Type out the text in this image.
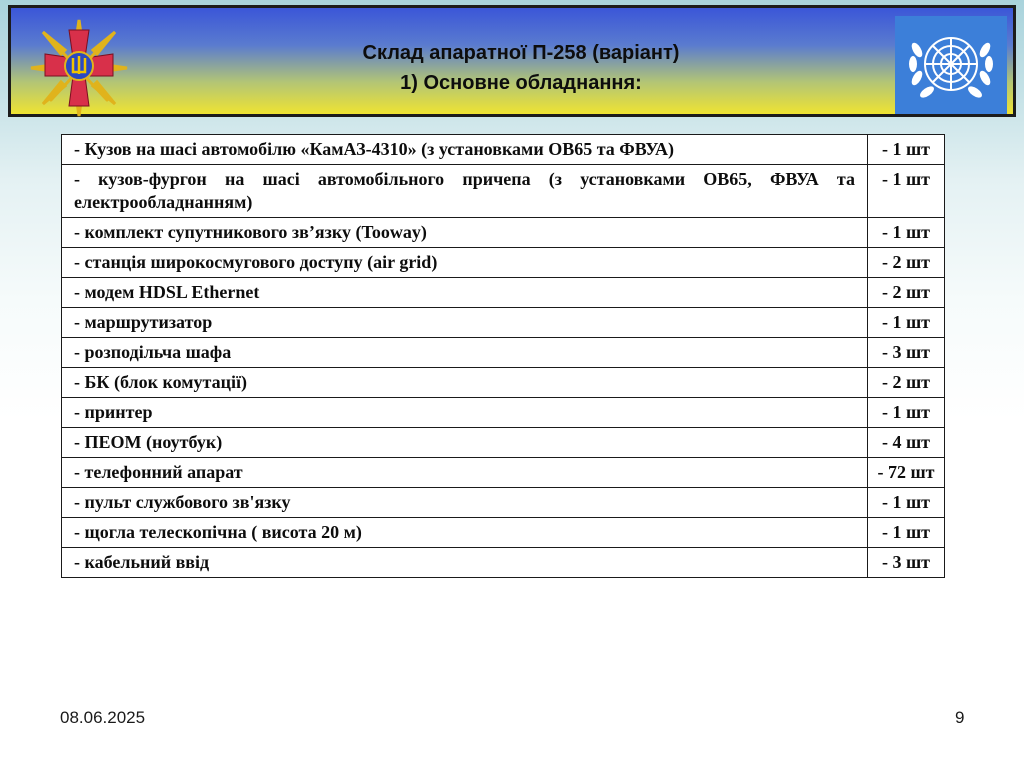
Склад апаратної П-258 (варіант)
1) Основне обладнання:
- Кузов на шасі автомобілю «КамАЗ-4310» (з установками ОВ65 та ФВУА)	- 1 шт
- кузов-фургон на шасі автомобільного причепа (з установками ОВ65, ФВУА та електрообладнанням)	- 1 шт
- комплект супутникового зв’язку (Tooway)	- 1 шт
- станція широкосмугового доступу (air grid)	- 2 шт
- модем HDSL Ethernet	- 2 шт
- маршрутизатор	- 1 шт
- розподільча шафа	- 3 шт
- БК (блок комутації)	- 2 шт
- принтер	- 1 шт
- ПЕОМ (ноутбук)	- 4 шт
- телефонний апарат	- 72 шт
- пульт службового зв'язку	- 1 шт
- щогла телескопічна ( висота 20 м)	- 1 шт
- кабельний ввід	- 3 шт
08.06.2025	9
